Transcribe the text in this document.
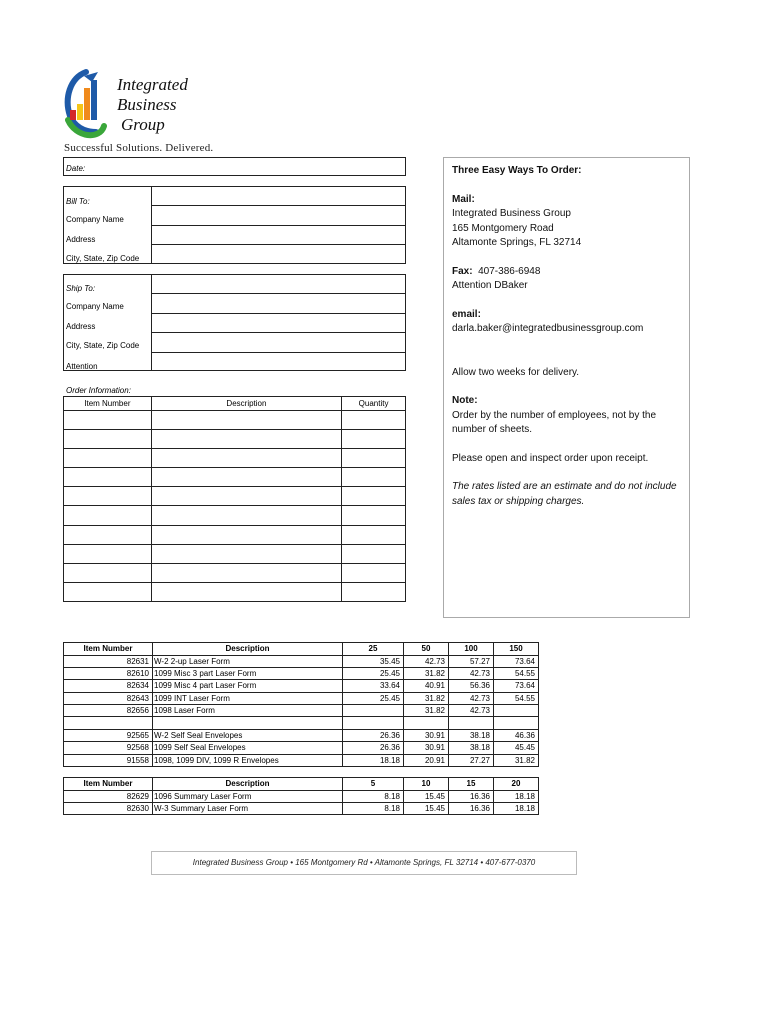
Integrated
Business
Group
Successful Solutions. Delivered.
Date:
Bill To:
Company Name
Address
City, State, Zip Code
Ship To:
Company Name
Address
City, State, Zip Code
Attention
Order Information:
Item Number	Description	Quantity

Three Easy Ways To Order:

Mail:

Integrated Business Group

165 Montgomery Road

Altamonte Springs, FL 32714

Fax: 407-386-6948

Attention DBaker

email:

darla.baker@integratedbusinessgroup.com

Allow two weeks for delivery.

Note:

Order by the number of employees, not by the number of sheets.

Please open and inspect order upon receipt.

The rates listed are an estimate and do not include sales tax or shipping charges.

Item Number	Description	25	50	100	150
82631	W-2 2-up Laser Form	35.45	42.73	57.27	73.64
82610	1099 Misc 3 part Laser Form	25.45	31.82	42.73	54.55
82634	1099 Misc 4 part Laser Form	33.64	40.91	56.36	73.64
82643	1099 INT Laser Form	25.45	31.82	42.73	54.55
82656	1098 Laser Form		31.82	42.73	

92565	W-2 Self Seal Envelopes	26.36	30.91	38.18	46.36
92568	1099 Self Seal Envelopes	26.36	30.91	38.18	45.45
91558	1098, 1099 DIV, 1099 R Envelopes	18.18	20.91	27.27	31.82
Item Number	Description	5	10	15	20
82629	1096 Summary Laser Form	8.18	15.45	16.36	18.18
82630	W-3 Summary Laser Form	8.18	15.45	16.36	18.18
Integrated Business Group • 165 Montgomery Rd • Altamonte Springs, FL 32714 • 407-677-0370
